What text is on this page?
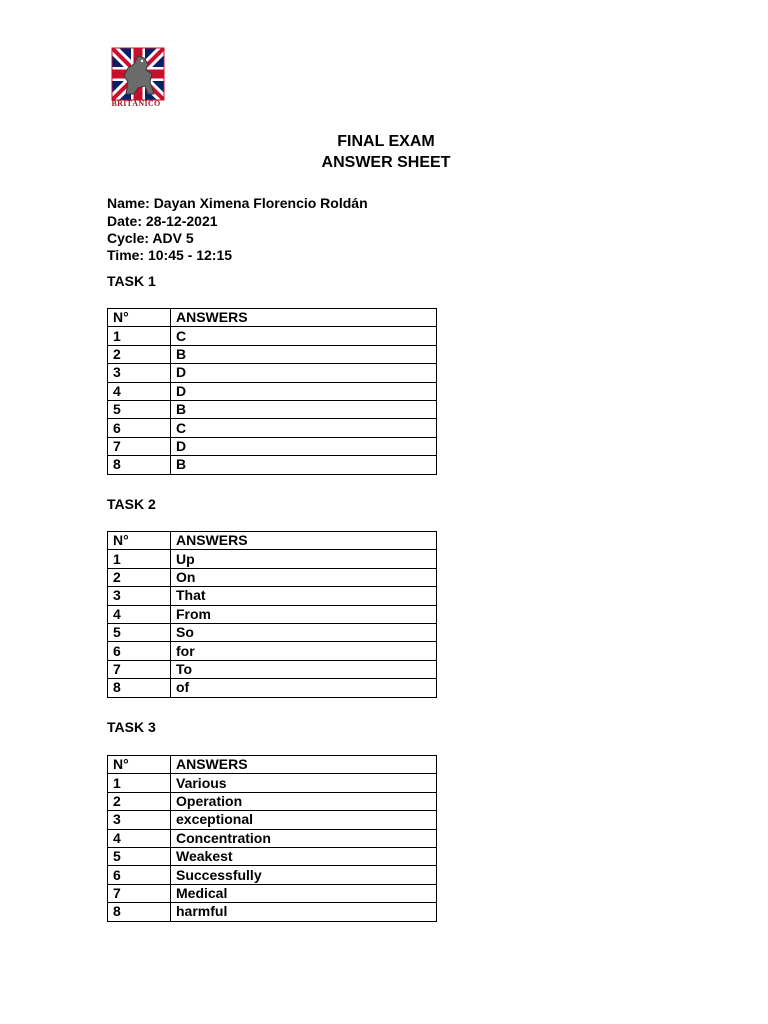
BRITÁNICO
FINAL EXAM
ANSWER SHEET
Name: Dayan Ximena Florencio Roldán
Date: 28-12-2021
Cycle: ADV 5
Time: 10:45 - 12:15
TASK 1
N°	ANSWERS
1	C
2	B
3	D
4	D
5	B
6	C
7	D
8	B
TASK 2
N°	ANSWERS
1	Up
2	On
3	That
4	From
5	So
6	for
7	To
8	of
TASK 3
N°	ANSWERS
1	Various
2	Operation
3	exceptional
4	Concentration
5	Weakest
6	Successfully
7	Medical
8	harmful
